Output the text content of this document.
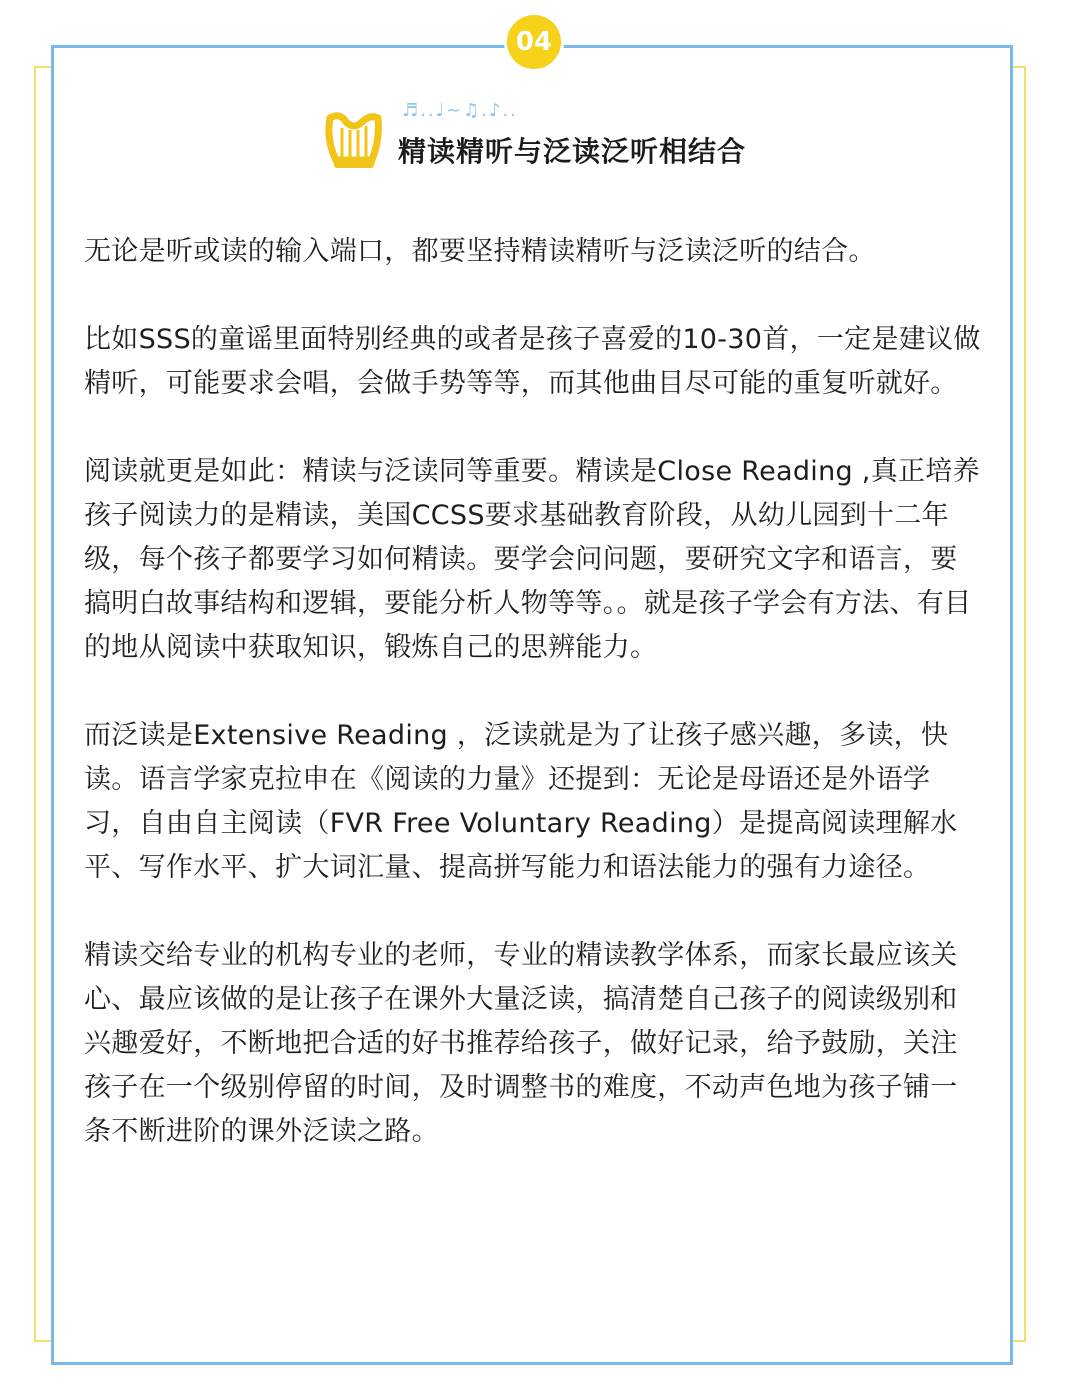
04
♬..♩~♫.♪..
精读精听与泛读泛听相结合

无论是听或读的输入端口，都要坚持精读精听与泛读泛听的结合。

比如SSS的童谣里面特别经典的或者是孩子喜爱的10-30首，一定是建议做精听，可能要求会唱，会做手势等等，而其他曲目尽可能的重复听就好。

阅读就更是如此：精读与泛读同等重要。精读是Close Reading ,真正培养孩子阅读力的是精读，美国CCSS要求基础教育阶段，从幼儿园到十二年级，每个孩子都要学习如何精读。要学会问问题，要研究文字和语言，要搞明白故事结构和逻辑，要能分析人物等等。。就是孩子学会有方法、有目的地从阅读中获取知识，锻炼自己的思辨能力。

而泛读是Extensive Reading ，泛读就是为了让孩子感兴趣，多读，快读。语言学家克拉申在《阅读的力量》还提到：无论是母语还是外语学习，自由自主阅读（FVR Free Voluntary Reading）是提高阅读理解水平、写作水平、扩大词汇量、提高拼写能力和语法能力的强有力途径。

精读交给专业的机构专业的老师，专业的精读教学体系，而家长最应该关心、最应该做的是让孩子在课外大量泛读，搞清楚自己孩子的阅读级别和兴趣爱好，不断地把合适的好书推荐给孩子，做好记录，给予鼓励，关注孩子在一个级别停留的时间，及时调整书的难度，不动声色地为孩子铺一条不断进阶的课外泛读之路。
